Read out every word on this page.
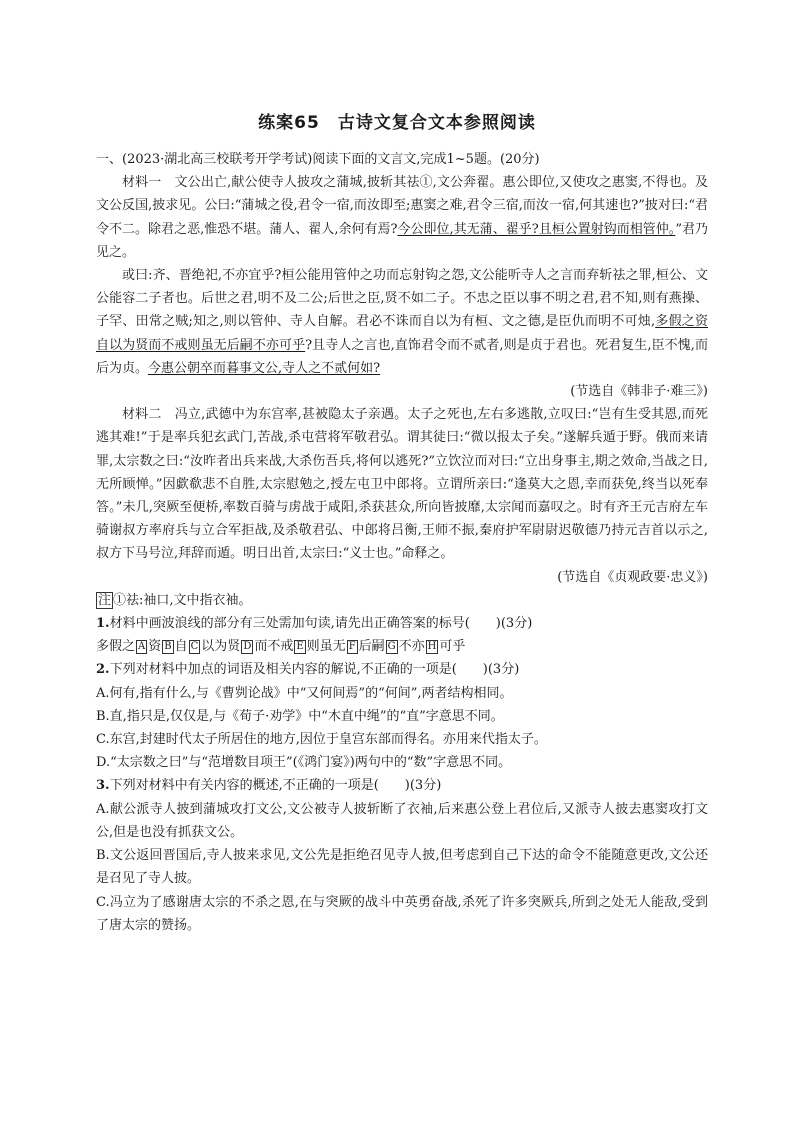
练案65 古诗文复合文本参照阅读

一、(2023·湖北高三校联考开学考试)阅读下面的文言文,完成1~5题。(20分)

材料一　 文公出亡,献公使寺人披攻之蒲城,披斩其祛①,文公奔翟。惠公即位,又使攻之惠窦,不得也。及文公反国,披求见。公曰:“蒲城之役,君令一宿,而汝即至;惠窦之难,君令三宿,而汝一宿,何其速也?”披对曰:“君令不二。除君之恶,惟恐不堪。蒲人、翟人,余何有焉?今公即位,其无蒲、翟乎?且桓公置射钩而相管仲。”君乃见之。

或曰:齐、晋绝祀,不亦宜乎?桓公能用管仲之功而忘射钩之怨,文公能听寺人之言而弃斩祛之罪,桓公、文公能容二子者也。后世之君,明不及二公;后世之臣,贤不如二子。不忠之臣以事不明之君,君不知,则有燕操、子罕、田常之贼;知之,则以管仲、寺人自解。君必不诛而自以为有桓、文之德,是臣仇而明不可烛,多假之资自以为贤而不戒则虽无后嗣不亦可乎?且寺人之言也,直饰君令而不贰者,则是贞于君也。死君复生,臣不愧,而后为贞。今惠公朝卒而暮事文公,寺人之不贰何如?

(节选自《韩非子·难三》)

材料二　 冯立,武德中为东宫率,甚被隐太子亲遇。太子之死也,左右多逃散,立叹曰:“岂有生受其恩,而死逃其难!”于是率兵犯玄武门,苦战,杀屯营将军敬君弘。谓其徒曰:“微以报太子矣。”遂解兵遁于野。俄而来请罪,太宗数之曰:“汝昨者出兵来战,大杀伤吾兵,将何以逃死?”立饮泣而对曰:“立出身事主,期之效命,当战之日,无所顾惮。”因歔欷悲不自胜,太宗慰勉之,授左屯卫中郎将。立谓所亲曰:“逢莫大之恩,幸而获免,终当以死奉答。”未几,突厥至便桥,率数百骑与虏战于咸阳,杀获甚众,所向皆披靡,太宗闻而嘉叹之。时有齐王元吉府左车骑谢叔方率府兵与立合军拒战,及杀敬君弘、中郎将吕衡,王师不振,秦府护军尉尉迟敬德乃持元吉首以示之,叔方下马号泣,拜辞而遁。明日出首,太宗曰:“义士也。”命释之。

(节选自《贞观政要·忠义》)

注 ①祛:袖口,文中指衣袖。

1.材料中画波浪线的部分有三处需加句读,请先出正确答案的标号(　　)(3分)

多假之 A 资 B 自 C 以为贤 D 而不戒 E 则虽无 F 后嗣 G 不亦 H 可乎

2.下列对材料中加点的词语及相关内容的解说,不正确的一项是(　　)(3分)

A.何有,指有什么,与《曹刿论战》中“又何间焉”的“何间”,两者结构相同。

B.直,指只是,仅仅是,与《荀子·劝学》中“木直中绳”的“直”字意思不同。

C.东宫,封建时代太子所居住的地方,因位于皇宫东部而得名。亦用来代指太子。

D.“太宗数之曰”与“范增数目项王”(《鸿门宴》)两句中的“数”字意思不同。

3.下列对材料中有关内容的概述,不正确的一项是(　　)(3分)

A.献公派寺人披到蒲城攻打文公,文公被寺人披斩断了衣袖,后来惠公登上君位后,又派寺人披去惠窦攻打文公,但是也没有抓获文公。

B.文公返回晋国后,寺人披来求见,文公先是拒绝召见寺人披,但考虑到自己下达的命令不能随意更改,文公还是召见了寺人披。

C.冯立为了感谢唐太宗的不杀之恩,在与突厥的战斗中英勇奋战,杀死了许多突厥兵,所到之处无人能敌,受到了唐太宗的赞扬。
